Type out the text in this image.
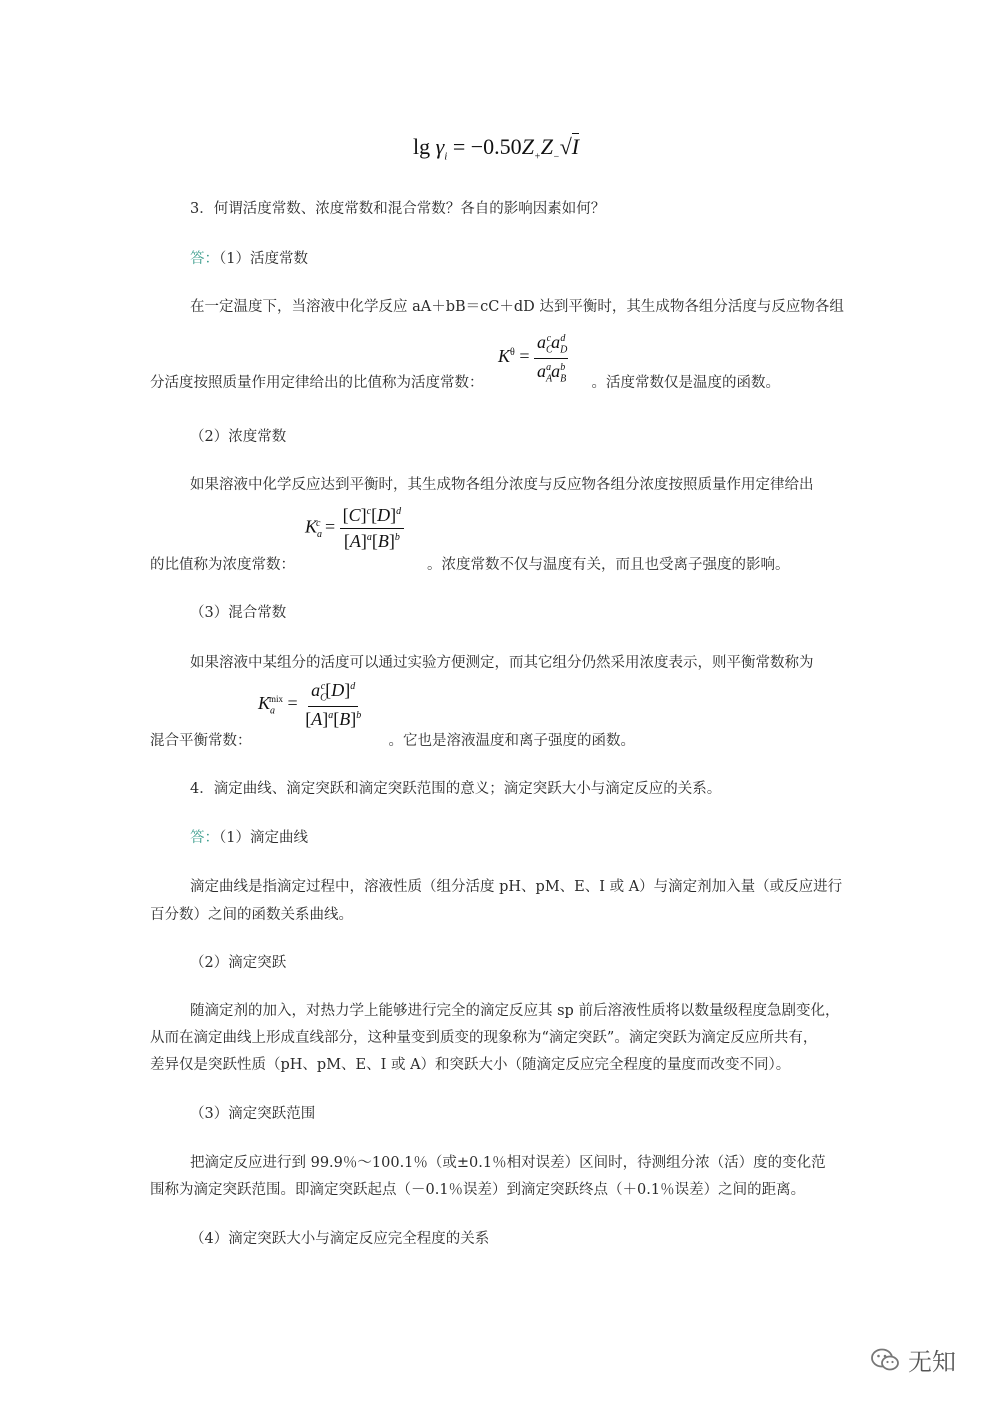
$\lg \gamma_i = -0.50Z_+Z_-√I$
3．何谓活度常数、浓度常数和混合常数？各自的影响因素如何？
答：（1）活度常数
在一定温度下，当溶液中化学反应 aA＋bB＝cC＋dD 达到平衡时，其生成物各组分活度与反应物各组
$K^\theta = \frac{a_C^ca_D^d}{a_A^aa_B^b}$
分活度按照质量作用定律给出的比值称为活度常数：	。活度常数仅是温度的函数。
（2）浓度常数
如果溶液中化学反应达到平衡时，其生成物各组分浓度与反应物各组分浓度按照质量作用定律给出
$K_a^c = \frac{[C]^c[D]^d}{[A]^a[B]^b}$
的比值称为浓度常数：	。浓度常数不仅与温度有关，而且也受离子强度的影响。
（3）混合常数
如果溶液中某组分的活度可以通过实验方便测定，而其它组分仍然采用浓度表示，则平衡常数称为
$K_a^{mix} = \frac{a_C^c[D]^d}{[A]^a[B]^b}$
混合平衡常数：	。它也是溶液温度和离子强度的函数。
4．滴定曲线、滴定突跃和滴定突跃范围的意义；滴定突跃大小与滴定反应的关系。
答：（1）滴定曲线
滴定曲线是指滴定过程中，溶液性质（组分活度 pH、pM、E、I 或 A）与滴定剂加入量（或反应进行
百分数）之间的函数关系曲线。
（2）滴定突跃
随滴定剂的加入，对热力学上能够进行完全的滴定反应其 sp 前后溶液性质将以数量级程度急剧变化，
从而在滴定曲线上形成直线部分，这种量变到质变的现象称为“滴定突跃”。滴定突跃为滴定反应所共有，
差异仅是突跃性质（pH、pM、E、I 或 A）和突跃大小（随滴定反应完全程度的量度而改变不同）。
（3）滴定突跃范围
把滴定反应进行到 99.9％～100.1％（或±0.1％相对误差）区间时，待测组分浓（活）度的变化范
围称为滴定突跃范围。即滴定突跃起点（－0.1％误差）到滴定突跃终点（＋0.1％误差）之间的距离。
（4）滴定突跃大小与滴定反应完全程度的关系
无知
